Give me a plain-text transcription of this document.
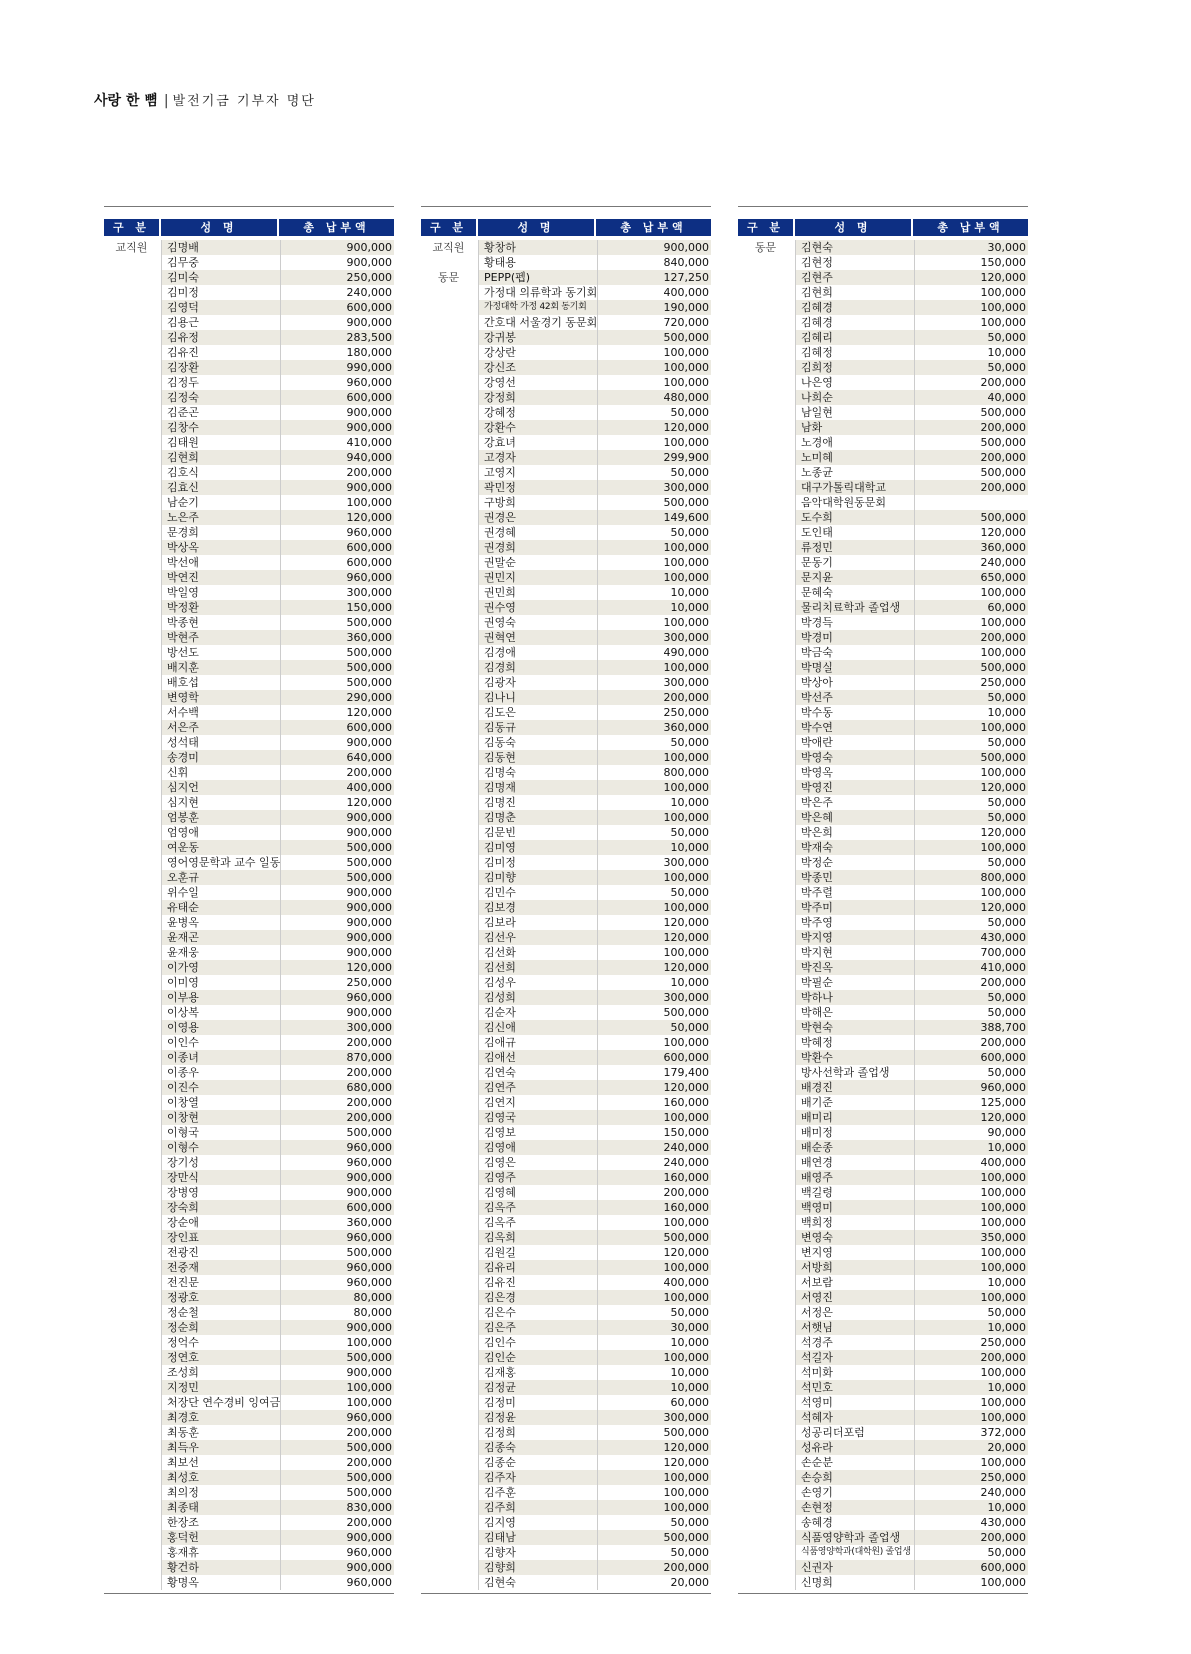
사랑 한 뼘 | 발전기금 기부자 명단
구 분	성 명	총 납부액
교직원	김명배	900,000
김무중	900,000
김미숙	250,000
김미정	240,000
김영덕	600,000
김용근	900,000
김유정	283,500
김유진	180,000
김장환	990,000
김정두	960,000
김정숙	600,000
김준곤	900,000
김창수	900,000
김태원	410,000
김현희	940,000
김호식	200,000
김효신	900,000
남순기	100,000
노은주	120,000
문경희	960,000
박상옥	600,000
박선애	600,000
박연진	960,000
박일영	300,000
박정환	150,000
박종현	500,000
박현주	360,000
방선도	500,000
배지훈	500,000
배호섭	500,000
변영학	290,000
서수백	120,000
서은주	600,000
성석태	900,000
송경미	640,000
신휘	200,000
심지언	400,000
심지현	120,000
엄봉훈	900,000
엄영애	900,000
여운동	500,000
영어영문학과 교수 일동	500,000
오훈규	500,000
위수일	900,000
유태순	900,000
윤병옥	900,000
윤재곤	900,000
윤재웅	900,000
이가영	120,000
이미영	250,000
이부용	960,000
이상복	900,000
이영용	300,000
이인수	200,000
이종녀	870,000
이종우	200,000
이진수	680,000
이창열	200,000
이창현	200,000
이형국	500,000
이형수	960,000
장기성	960,000
장만식	900,000
장병영	900,000
장숙희	600,000
장순애	360,000
장인표	960,000
전광진	500,000
전중재	960,000
전진문	960,000
정광호	80,000
정순철	80,000
정순희	900,000
정억수	100,000
정연호	500,000
조성희	900,000
지정민	100,000
처장단 연수경비 잉여금	100,000
최경호	960,000
최동훈	200,000
최득우	500,000
최보선	200,000
최성호	500,000
최의정	500,000
최종태	830,000
한장조	200,000
홍덕헌	900,000
홍재휴	960,000
황건하	900,000
황명옥	960,000
구 분	성 명	총 납부액
교직원	황창하	900,000
황태용	840,000
동문	PEPP(펩)	127,250
가정대 의류학과 동기회	400,000
가정대학 가정 42회 동기회	190,000
간호대 서울경기 동문회	720,000
강귀봉	500,000
강상란	100,000
강신조	100,000
강영선	100,000
강정희	480,000
강혜정	50,000
강환수	120,000
강효녀	100,000
고경자	299,900
고영지	50,000
곽민정	300,000
구방희	500,000
권경은	149,600
권경혜	50,000
권경희	100,000
권말순	100,000
권민지	100,000
권민희	10,000
권수영	10,000
권영숙	100,000
권혁연	300,000
김경애	490,000
김경희	100,000
김광자	300,000
김나니	200,000
김도은	250,000
김동규	360,000
김동숙	50,000
김동현	100,000
김명숙	800,000
김명재	100,000
김명진	10,000
김명춘	100,000
김문빈	50,000
김미영	10,000
김미정	300,000
김미향	100,000
김민수	50,000
김보경	100,000
김보라	120,000
김선우	120,000
김선화	100,000
김선희	120,000
김성우	10,000
김성희	300,000
김순자	500,000
김신애	50,000
김애규	100,000
김애선	600,000
김연숙	179,400
김연주	120,000
김연지	160,000
김영국	100,000
김영보	150,000
김영애	240,000
김영은	240,000
김영주	160,000
김영혜	200,000
김옥주	160,000
김옥주	100,000
김옥희	500,000
김원길	120,000
김유리	100,000
김유진	400,000
김은경	100,000
김은수	50,000
김은주	30,000
김인수	10,000
김인순	100,000
김재홍	10,000
김정균	10,000
김정미	60,000
김정윤	300,000
김정희	500,000
김종숙	120,000
김종순	120,000
김주자	100,000
김주훈	100,000
김주희	100,000
김지영	50,000
김태남	500,000
김향자	50,000
김향희	200,000
김현숙	20,000
구 분	성 명	총 납부액
동문	김현숙	30,000
김현정	150,000
김현주	120,000
김현희	100,000
김혜경	100,000
김혜경	100,000
김혜리	50,000
김혜정	10,000
김희정	50,000
나은영	200,000
나희순	40,000
남일현	500,000
남화	200,000
노경애	500,000
노미혜	200,000
노종균	500,000
대구가톨릭대학교	200,000
음악대학원동문회
도수희	500,000
도인태	120,000
류정민	360,000
문동기	240,000
문지윤	650,000
문혜숙	100,000
물리치료학과 졸업생	60,000
박경득	100,000
박경미	200,000
박금숙	100,000
박명실	500,000
박상아	250,000
박선주	50,000
박수동	10,000
박수연	100,000
박애란	50,000
박영숙	500,000
박영옥	100,000
박영진	120,000
박은주	50,000
박은혜	50,000
박은희	120,000
박재숙	100,000
박정순	50,000
박종민	800,000
박주렬	100,000
박주미	120,000
박주영	50,000
박지영	430,000
박지현	700,000
박진옥	410,000
박필순	200,000
박하나	50,000
박해은	50,000
박현숙	388,700
박혜정	200,000
박환수	600,000
방사선학과 졸업생	50,000
배경진	960,000
배기준	125,000
배미리	120,000
배미정	90,000
배순종	10,000
배연경	400,000
배영주	100,000
백길령	100,000
백영미	100,000
백희정	100,000
변영숙	350,000
변지영	100,000
서방희	100,000
서보람	10,000
서영진	100,000
서정은	50,000
서햇님	10,000
석경주	250,000
석길자	200,000
석미화	100,000
석민호	10,000
석영미	100,000
석혜자	100,000
성공리더포럼	372,000
성유라	20,000
손순분	100,000
손승희	250,000
손영기	240,000
손현정	10,000
송혜경	430,000
식품영양학과 졸업생	200,000
식품영양학과(대학원) 졸업생	50,000
신권자	600,000
신명희	100,000
